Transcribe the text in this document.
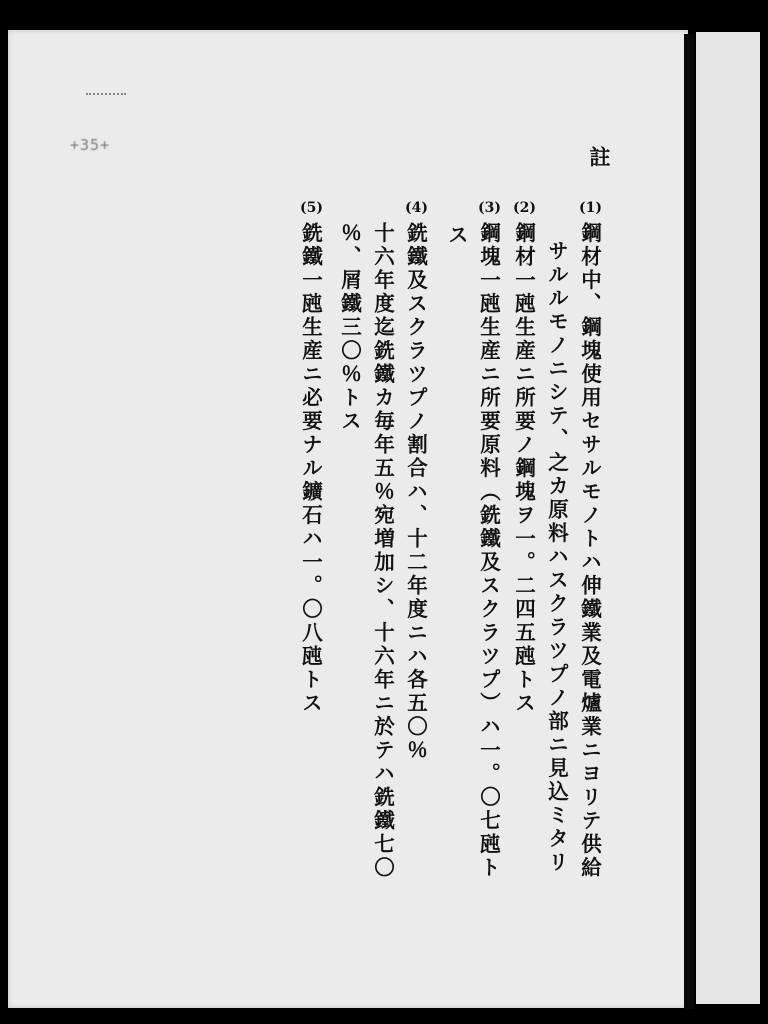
+35+
註
(1)
鋼材中、鋼塊使用セサルモノトハ伸鐵業及電爐業ニヨリテ供給
サルルモノニシテ、之カ原料ハスクラツプノ部ニ見込ミタリ
(2)
鋼材一瓲生産ニ所要ノ鋼塊ヲ一。二四五瓲トス
(3)
鋼塊一瓲生産ニ所要原料（銑鐵及スクラツプ）ハ一。〇七瓲ト
ス
(4)
銑鐵及スクラツプノ割合ハ、十二年度ニハ各五〇％
十六年度迄銑鐵カ毎年五％宛増加シ、十六年ニ於テハ銑鐵七〇
％、屑鐵三〇％トス
(5)
銑鐵一瓲生産ニ必要ナル鑛石ハ一。〇八瓲トス
